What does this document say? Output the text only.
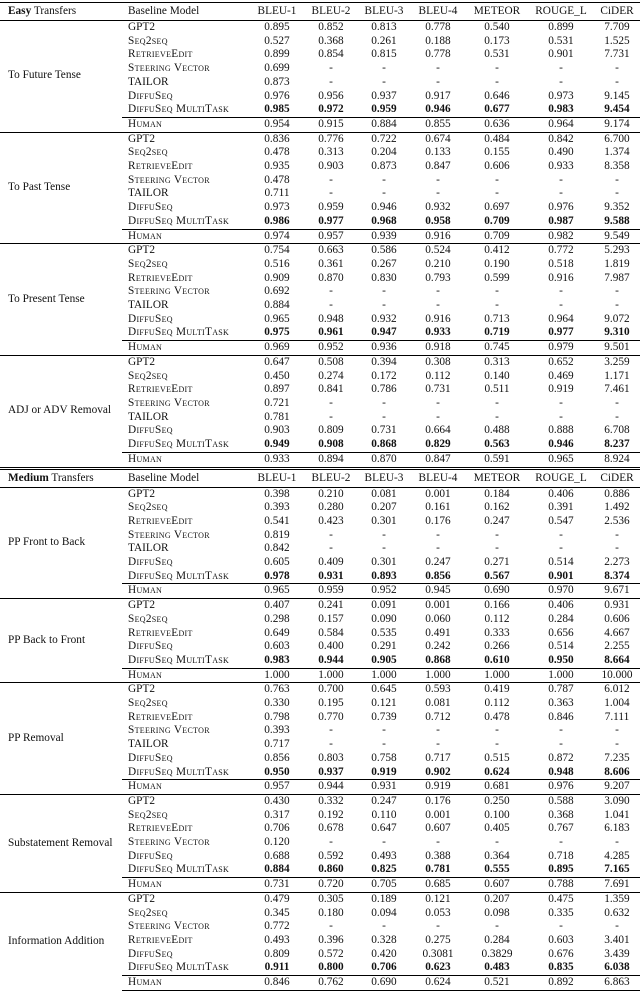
Easy Transfers	Baseline Model	BLEU-1	BLEU-2	BLEU-3	BLEU-4	METEOR	ROUGE_L	CiDER
To Future Tense	GPT2	0.895	0.852	0.813	0.778	0.540	0.899	7.709
	Seq2seq	0.527	0.368	0.261	0.188	0.173	0.531	1.525
	RetrieveEdit	0.899	0.854	0.815	0.778	0.531	0.901	7.731
	Steering Vector	0.699	-	-	-	-	-	-
	TAILOR	0.873	-	-	-	-	-	-
	DiffuSeq	0.976	0.956	0.937	0.917	0.646	0.973	9.145
	DiffuSeq MultiTask	0.985	0.972	0.959	0.946	0.677	0.983	9.454
	Human	0.954	0.915	0.884	0.855	0.636	0.964	9.174
To Past Tense	GPT2	0.836	0.776	0.722	0.674	0.484	0.842	6.700
	Seq2seq	0.478	0.313	0.204	0.133	0.155	0.490	1.374
	RetrieveEdit	0.935	0.903	0.873	0.847	0.606	0.933	8.358
	Steering Vector	0.478	-	-	-	-	-	-
	TAILOR	0.711	-	-	-	-	-	-
	DiffuSeq	0.973	0.959	0.946	0.932	0.697	0.976	9.352
	DiffuSeq MultiTask	0.986	0.977	0.968	0.958	0.709	0.987	9.588
	Human	0.974	0.957	0.939	0.916	0.709	0.982	9.549
To Present Tense	GPT2	0.754	0.663	0.586	0.524	0.412	0.772	5.293
	Seq2seq	0.516	0.361	0.267	0.210	0.190	0.518	1.819
	RetrieveEdit	0.909	0.870	0.830	0.793	0.599	0.916	7.987
	Steering Vector	0.692	-	-	-	-	-	-
	TAILOR	0.884	-	-	-	-	-	-
	DiffuSeq	0.965	0.948	0.932	0.916	0.713	0.964	9.072
	DiffuSeq MultiTask	0.975	0.961	0.947	0.933	0.719	0.977	9.310
	Human	0.969	0.952	0.936	0.918	0.745	0.979	9.501
ADJ or ADV Removal	GPT2	0.647	0.508	0.394	0.308	0.313	0.652	3.259
	Seq2seq	0.450	0.274	0.172	0.112	0.140	0.469	1.171
	RetrieveEdit	0.897	0.841	0.786	0.731	0.511	0.919	7.461
	Steering Vector	0.721	-	-	-	-	-	-
	TAILOR	0.781	-	-	-	-	-	-
	DiffuSeq	0.903	0.809	0.731	0.664	0.488	0.888	6.708
	DiffuSeq MultiTask	0.949	0.908	0.868	0.829	0.563	0.946	8.237
	Human	0.933	0.894	0.870	0.847	0.591	0.965	8.924
Medium Transfers	Baseline Model	BLEU-1	BLEU-2	BLEU-3	BLEU-4	METEOR	ROUGE_L	CiDER
PP Front to Back	GPT2	0.398	0.210	0.081	0.001	0.184	0.406	0.886
	Seq2seq	0.393	0.280	0.207	0.161	0.162	0.391	1.492
	RetrieveEdit	0.541	0.423	0.301	0.176	0.247	0.547	2.536
	Steering Vector	0.819	-	-	-	-	-	-
	TAILOR	0.842	-	-	-	-	-	-
	DiffuSeq	0.605	0.409	0.301	0.247	0.271	0.514	2.273
	DiffuSeq MultiTask	0.978	0.931	0.893	0.856	0.567	0.901	8.374
	Human	0.965	0.959	0.952	0.945	0.690	0.970	9.671
PP Back to Front	GPT2	0.407	0.241	0.091	0.001	0.166	0.406	0.931
	Seq2seq	0.298	0.157	0.090	0.060	0.112	0.284	0.606
	RetrieveEdit	0.649	0.584	0.535	0.491	0.333	0.656	4.667
	DiffuSeq	0.603	0.400	0.291	0.242	0.266	0.514	2.255
	DiffuSeq MultiTask	0.983	0.944	0.905	0.868	0.610	0.950	8.664
	Human	1.000	1.000	1.000	1.000	1.000	1.000	10.000
PP Removal	GPT2	0.763	0.700	0.645	0.593	0.419	0.787	6.012
	Seq2seq	0.330	0.195	0.121	0.081	0.112	0.363	1.004
	RetrieveEdit	0.798	0.770	0.739	0.712	0.478	0.846	7.111
	Steering Vector	0.393	-	-	-	-	-	-
	TAILOR	0.717	-	-	-	-	-	-
	DiffuSeq	0.856	0.803	0.758	0.717	0.515	0.872	7.235
	DiffuSeq MultiTask	0.950	0.937	0.919	0.902	0.624	0.948	8.606
	Human	0.957	0.944	0.931	0.919	0.681	0.976	9.207
Substatement Removal	GPT2	0.430	0.332	0.247	0.176	0.250	0.588	3.090
	Seq2seq	0.317	0.192	0.110	0.001	0.100	0.368	1.041
	RetrieveEdit	0.706	0.678	0.647	0.607	0.405	0.767	6.183
	Steering Vector	0.120	-	-	-	-	-	-
	DiffuSeq	0.688	0.592	0.493	0.388	0.364	0.718	4.285
	DiffuSeq MultiTask	0.884	0.860	0.825	0.781	0.555	0.895	7.165
	Human	0.731	0.720	0.705	0.685	0.607	0.788	7.691
Information Addition	GPT2	0.479	0.305	0.189	0.121	0.207	0.475	1.359
	Seq2seq	0.345	0.180	0.094	0.053	0.098	0.335	0.632
	Steering Vector	0.772	-	-	-	-	-	-
	RetrieveEdit	0.493	0.396	0.328	0.275	0.284	0.603	3.401
	DiffuSeq	0.809	0.572	0.420	0.3081	0.3829	0.676	3.439
	DiffuSeq MultiTask	0.911	0.800	0.706	0.623	0.483	0.835	6.038
	Human	0.846	0.762	0.690	0.624	0.521	0.892	6.863
